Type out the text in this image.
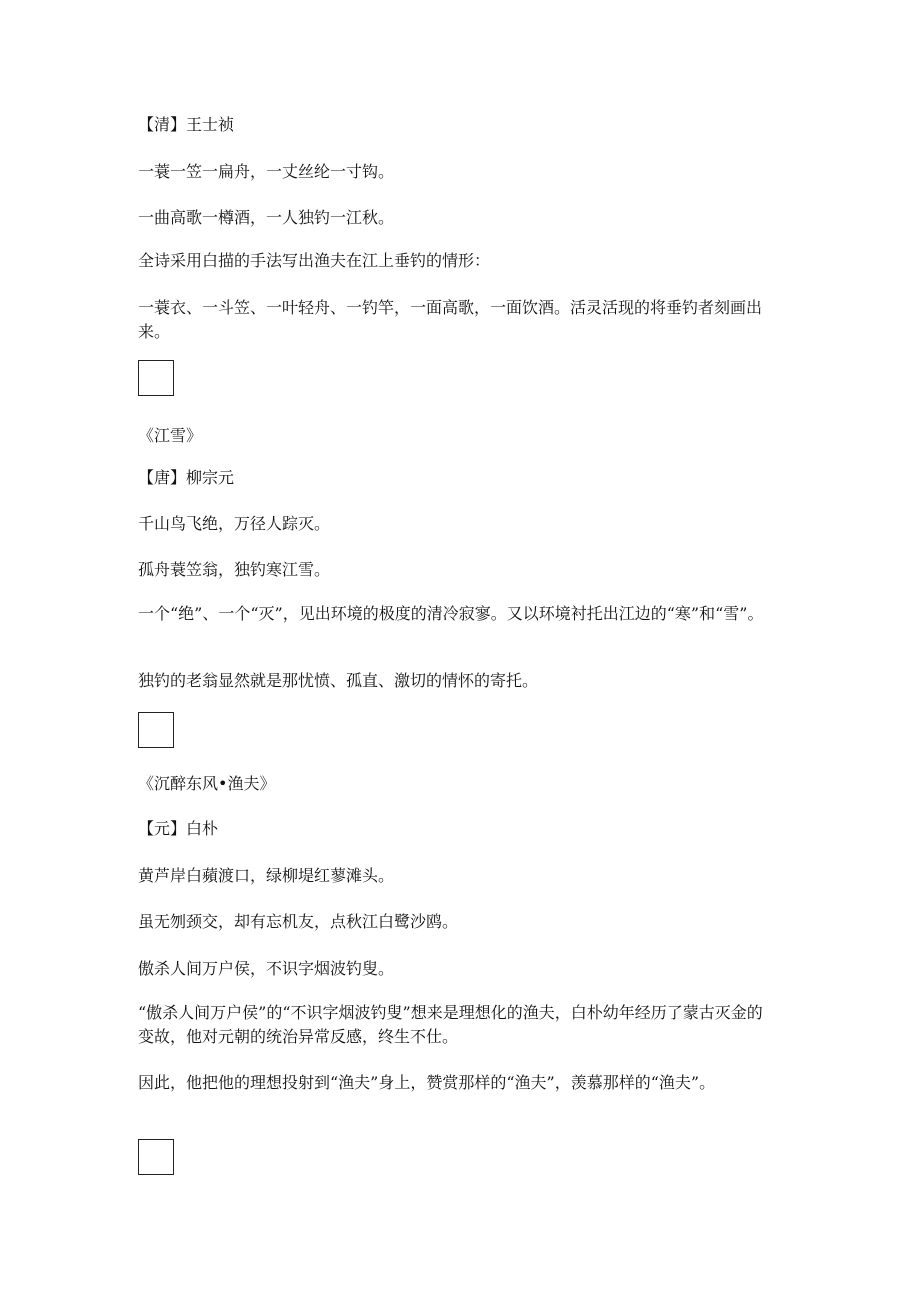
【清】王士祯
一蓑一笠一扁舟，一丈丝纶一寸钩。
一曲高歌一樽酒，一人独钓一江秋。
全诗采用白描的手法写出渔夫在江上垂钓的情形：
一蓑衣、一斗笠、一叶轻舟、一钓竿，一面高歌，一面饮酒。活灵活现的将垂钓者刻画出来。
《江雪》
【唐】柳宗元
千山鸟飞绝，万径人踪灭。
孤舟蓑笠翁，独钓寒江雪。
一个“绝”、一个“灭”，见出环境的极度的清冷寂寥。又以环境衬托出江边的“寒”和“雪”。
独钓的老翁显然就是那忧愤、孤直、激切的情怀的寄托。
《沉醉东风•渔夫》
【元】白朴
黄芦岸白蘋渡口，绿柳堤红蓼滩头。
虽无刎颈交，却有忘机友，点秋江白鹭沙鸥。
傲杀人间万户侯，不识字烟波钓叟。
“傲杀人间万户侯”的“不识字烟波钓叟”想来是理想化的渔夫，白朴幼年经历了蒙古灭金的变故，他对元朝的统治异常反感，终生不仕。
因此，他把他的理想投射到“渔夫”身上，赞赏那样的“渔夫”，羡慕那样的“渔夫”。
